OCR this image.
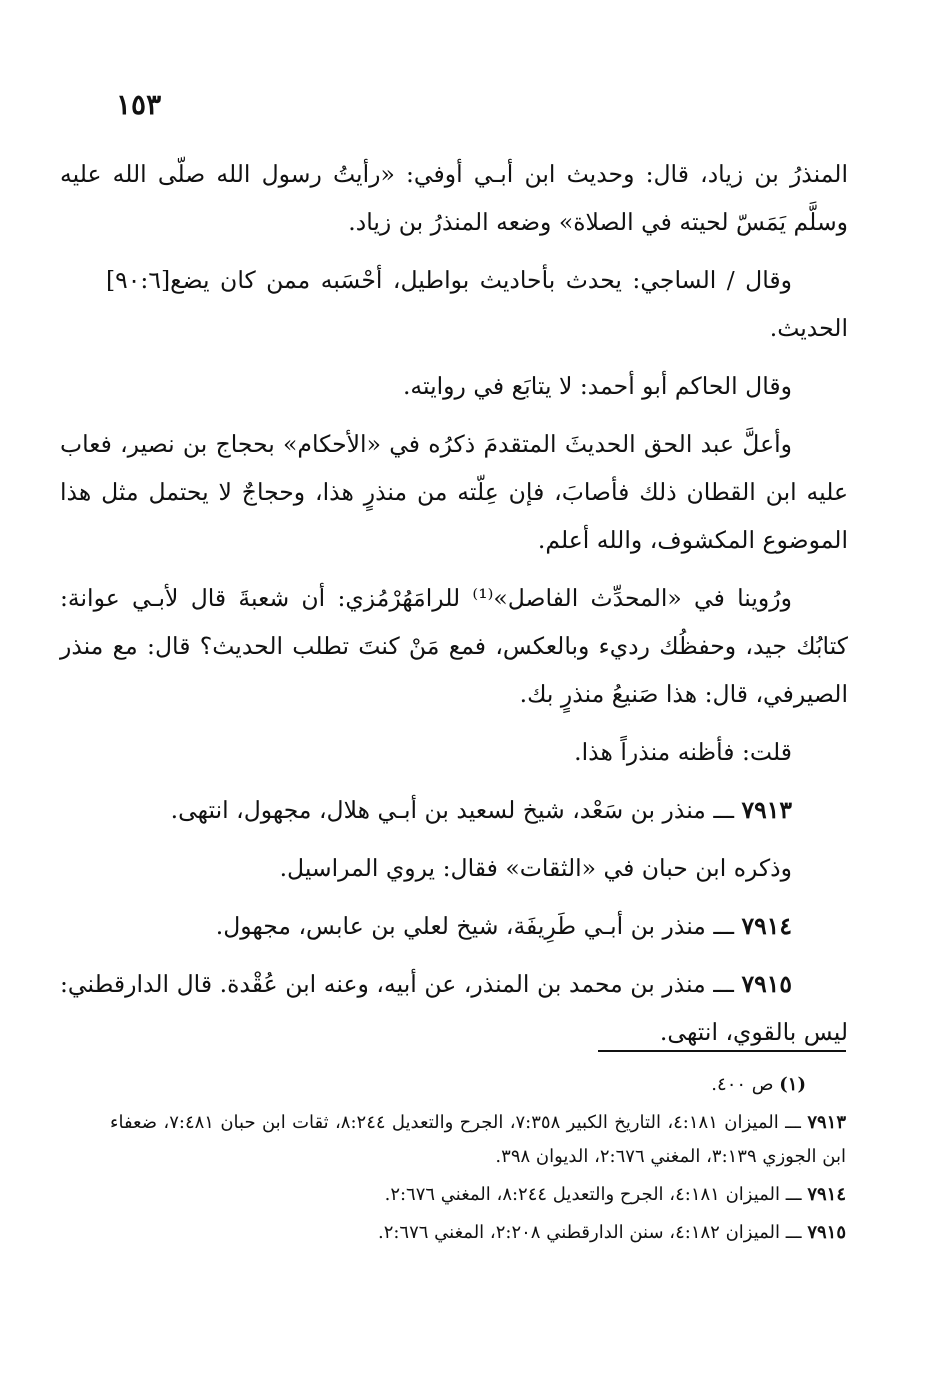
١٥٣

المنذرُ بن زياد، قال: وحديث ابن أبـي أوفي: «رأيتُ رسول الله صلّى الله عليه وسلَّم يَمَسّ لحيته في الصلاة» وضعه المنذرُ بن زياد.

[٩٠:٦] وقال / الساجي: يحدث بأحاديث بواطيل، أحْسَبه ممن كان يضع الحديث.

وقال الحاكم أبو أحمد: لا يتابَع في روايته.

وأعلَّ عبد الحق الحديثَ المتقدمَ ذكرُه في «الأحكام» بحجاج بن نصير، فعاب عليه ابن القطان ذلك فأصابَ، فإن عِلّته من منذرٍ هذا، وحجاجٌ لا يحتمل مثل هذا الموضوع المكشوف، والله أعلم.

ورُوينا في «المحدِّث الفاصل»⁽¹⁾ للرامَهُرْمُزي: أن شعبةَ قال لأبـي عوانة: كتابُك جيد، وحفظُك رديء وبالعكس، فمع مَنْ كنتَ تطلب الحديث؟ قال: مع منذر الصيرفي، قال: هذا صَنيعُ منذرٍ بك.

قلت: فأظنه منذراً هذا.

٧٩١٣ ـــ منذر بن سَعْد، شيخ لسعيد بن أبـي هلال، مجهول، انتهى.

وذكره ابن حبان في «الثقات» فقال: يروي المراسيل.

٧٩١٤ ـــ منذر بن أبـي طَرِيفَة، شيخ لعلي بن عابس، مجهول.

٧٩١٥ ـــ منذر بن محمد بن المنذر، عن أبيه، وعنه ابن عُقْدة. قال الدارقطني: ليس بالقوي، انتهى.

(١) ص ٤٠٠.

٧٩١٣ ـــ الميزان ٤:١٨١، التاريخ الكبير ٧:٣٥٨، الجرح والتعديل ٨:٢٤٤، ثقات ابن حبان ٧:٤٨١، ضعفاء ابن الجوزي ٣:١٣٩، المغني ٢:٦٧٦، الديوان ٣٩٨.

٧٩١٤ ـــ الميزان ٤:١٨١، الجرح والتعديل ٨:٢٤٤، المغني ٢:٦٧٦.

٧٩١٥ ـــ الميزان ٤:١٨٢، سنن الدارقطني ٢:٢٠٨، المغني ٢:٦٧٦.
